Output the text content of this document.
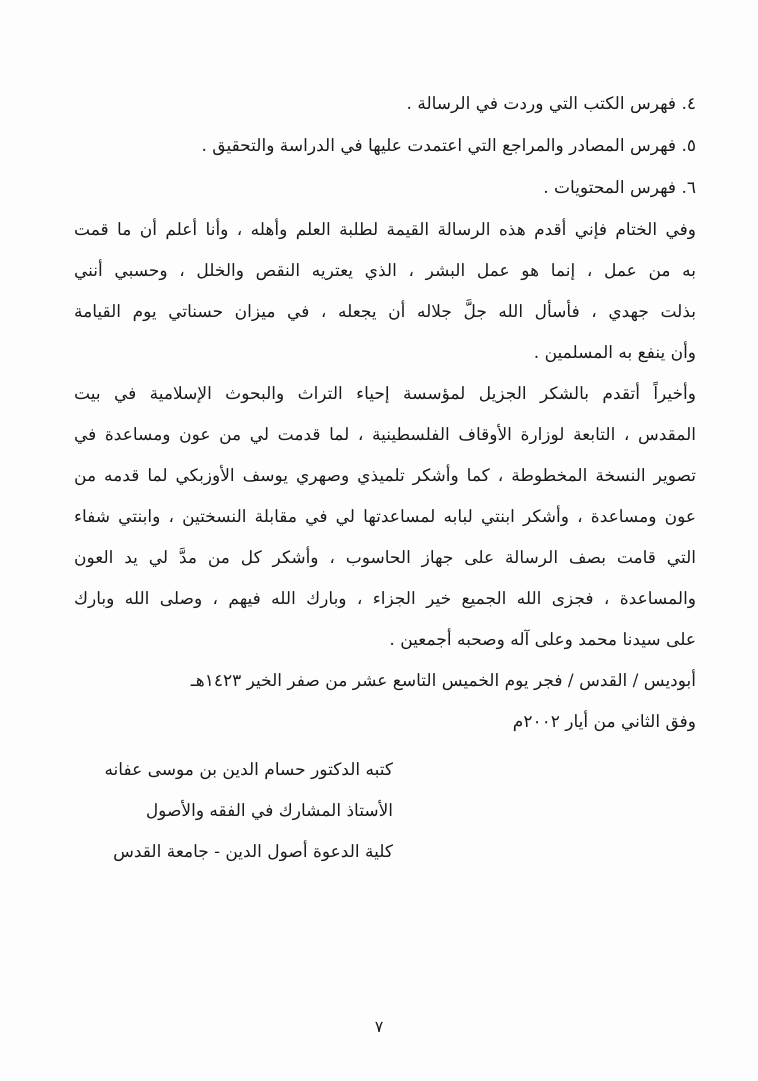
٤. فهرس الكتب التي وردت في الرسالة .
٥. فهرس المصادر والمراجع التي اعتمدت عليها في الدراسة والتحقيق .
٦. فهرس المحتويات .
وفي الختام فإني أقدم هذه الرسالة القيمة لطلبة العلم وأهله ، وأنا أعلم أن ما قمت
به من عمل ، إنما هو عمل البشر ، الذي يعتريه النقص والخلل ، وحسبي أنني
بذلت جهدي ، فأسأل الله جلَّ جلاله أن يجعله ، في ميزان حسناتي يوم القيامة
وأن ينفع به المسلمين .
وأخيراً أتقدم بالشكر الجزيل لمؤسسة إحياء التراث والبحوث الإسلامية في بيت
المقدس ، التابعة لوزارة الأوقاف الفلسطينية ، لما قدمت لي من عون ومساعدة في
تصوير النسخة المخطوطة ، كما وأشكر تلميذي وصهري يوسف الأوزبكي لما قدمه من
عون ومساعدة ، وأشكر ابنتي لبابه لمساعدتها لي في مقابلة النسختين ، وابنتي شفاء
التي قامت بصف الرسالة على جهاز الحاسوب ، وأشكر كل من مدَّ لي يد العون
والمساعدة ، فجزى الله الجميع خير الجزاء ، وبارك الله فيهم ، وصلى الله وبارك
على سيدنا محمد وعلى آله وصحبه أجمعين .
أبوديس / القدس / فجر يوم الخميس التاسع عشر من صفر الخير ١٤٢٣هـ
وفق الثاني من أيار ٢٠٠٢م
كتبه الدكتور حسام الدين بن موسى عفانه
الأستاذ المشارك في الفقه والأصول
كلية الدعوة أصول الدين - جامعة القدس
٧
